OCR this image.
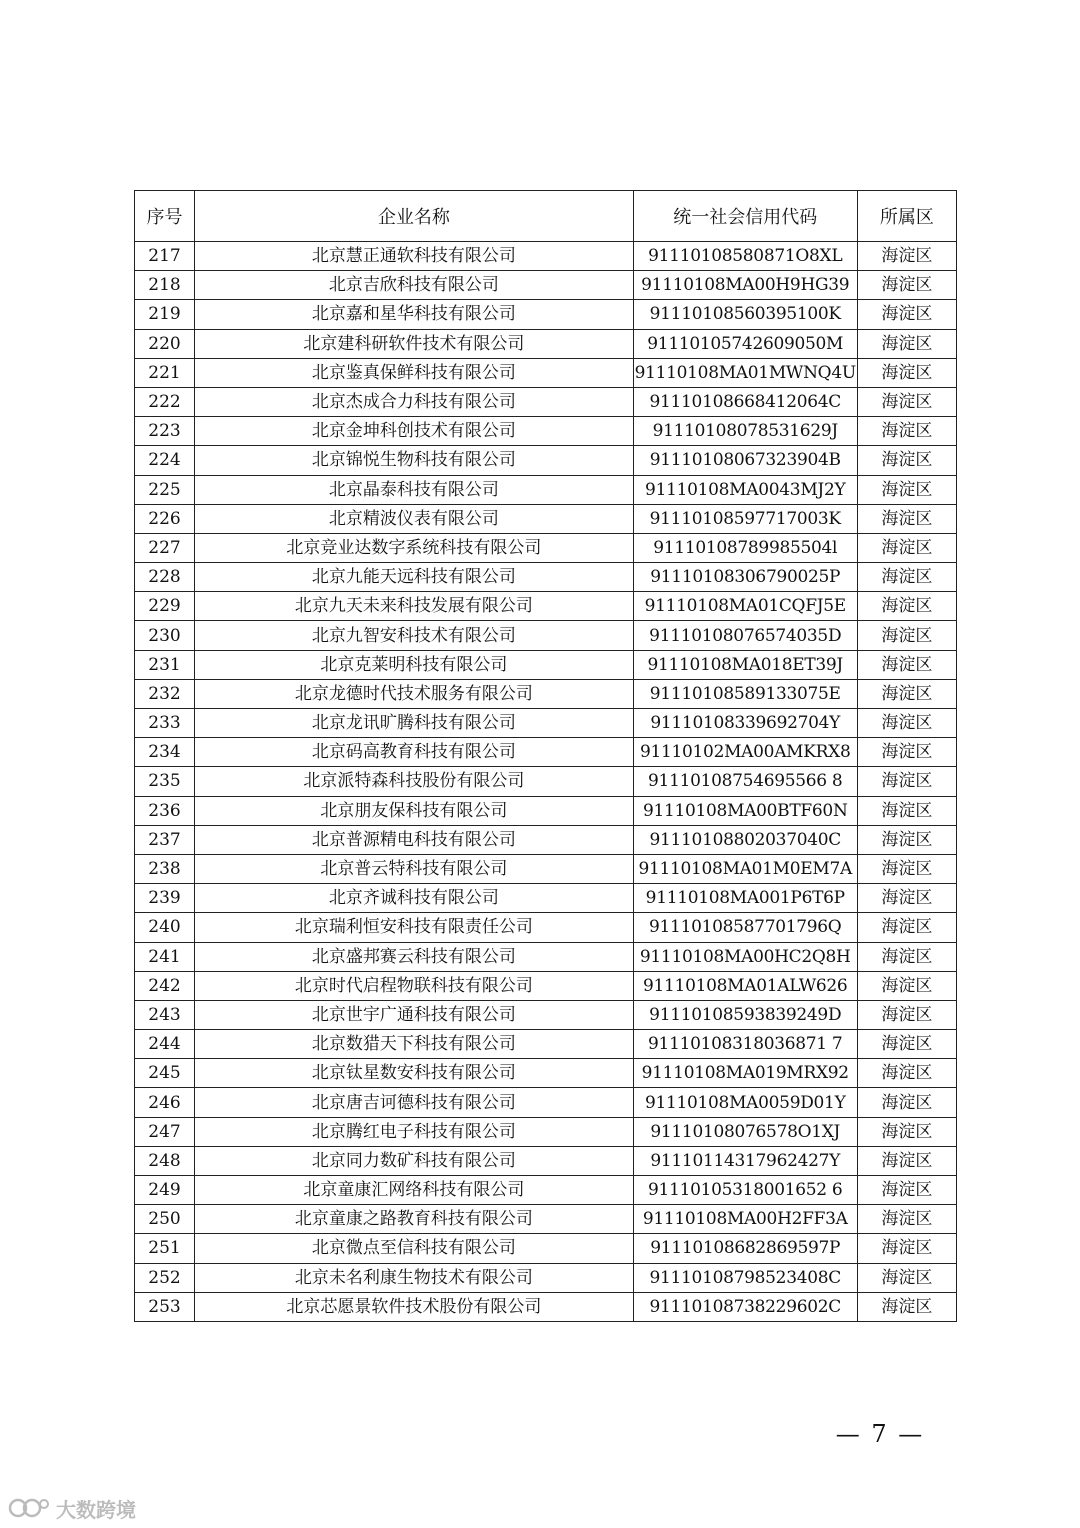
序号	企业名称	统一社会信用代码	所属区
217	北京慧正通软科技有限公司	91110108580871O8XL	海淀区
218	北京吉欣科技有限公司	91110108MA00H9HG39	海淀区
219	北京嘉和星华科技有限公司	91110108560395100K	海淀区
220	北京建科研软件技术有限公司	91110105742609050M	海淀区
221	北京鉴真保鲜科技有限公司	91110108MA01MWNQ4U	海淀区
222	北京杰成合力科技有限公司	91110108668412064C	海淀区
223	北京金坤科创技术有限公司	91110108078531629J	海淀区
224	北京锦悦生物科技有限公司	91110108067323904B	海淀区
225	北京晶泰科技有限公司	91110108MA0043MJ2Y	海淀区
226	北京精波仪表有限公司	91110108597717003K	海淀区
227	北京竞业达数字系统科技有限公司	91110108789985504l	海淀区
228	北京九能天远科技有限公司	91110108306790025P	海淀区
229	北京九天未来科技发展有限公司	91110108MA01CQFJ5E	海淀区
230	北京九智安科技术有限公司	91110108076574035D	海淀区
231	北京克莱明科技有限公司	91110108MA018ET39J	海淀区
232	北京龙德时代技术服务有限公司	91110108589133075E	海淀区
233	北京龙讯旷腾科技有限公司	91110108339692704Y	海淀区
234	北京码高教育科技有限公司	91110102MA00AMKRX8	海淀区
235	北京派特森科技股份有限公司	91110108754695566 8	海淀区
236	北京朋友保科技有限公司	91110108MA00BTF60N	海淀区
237	北京普源精电科技有限公司	91110108802037040C	海淀区
238	北京普云特科技有限公司	91110108MA01M0EM7A	海淀区
239	北京齐诚科技有限公司	91110108MA001P6T6P	海淀区
240	北京瑞利恒安科技有限责任公司	91110108587701796Q	海淀区
241	北京盛邦赛云科技有限公司	91110108MA00HC2Q8H	海淀区
242	北京时代启程物联科技有限公司	91110108MA01ALW626	海淀区
243	北京世宇广通科技有限公司	91110108593839249D	海淀区
244	北京数猎天下科技有限公司	91110108318036871 7	海淀区
245	北京钛星数安科技有限公司	91110108MA019MRX92	海淀区
246	北京唐吉诃德科技有限公司	91110108MA0059D01Y	海淀区
247	北京腾红电子科技有限公司	91110108076578O1XJ	海淀区
248	北京同力数矿科技有限公司	91110114317962427Y	海淀区
249	北京童康汇网络科技有限公司	91110105318001652 6	海淀区
250	北京童康之路教育科技有限公司	91110108MA00H2FF3A	海淀区
251	北京微点至信科技有限公司	91110108682869597P	海淀区
252	北京未名利康生物技术有限公司	91110108798523408C	海淀区
253	北京芯愿景软件技术股份有限公司	91110108738229602C	海淀区
— 7 —
大数跨境
